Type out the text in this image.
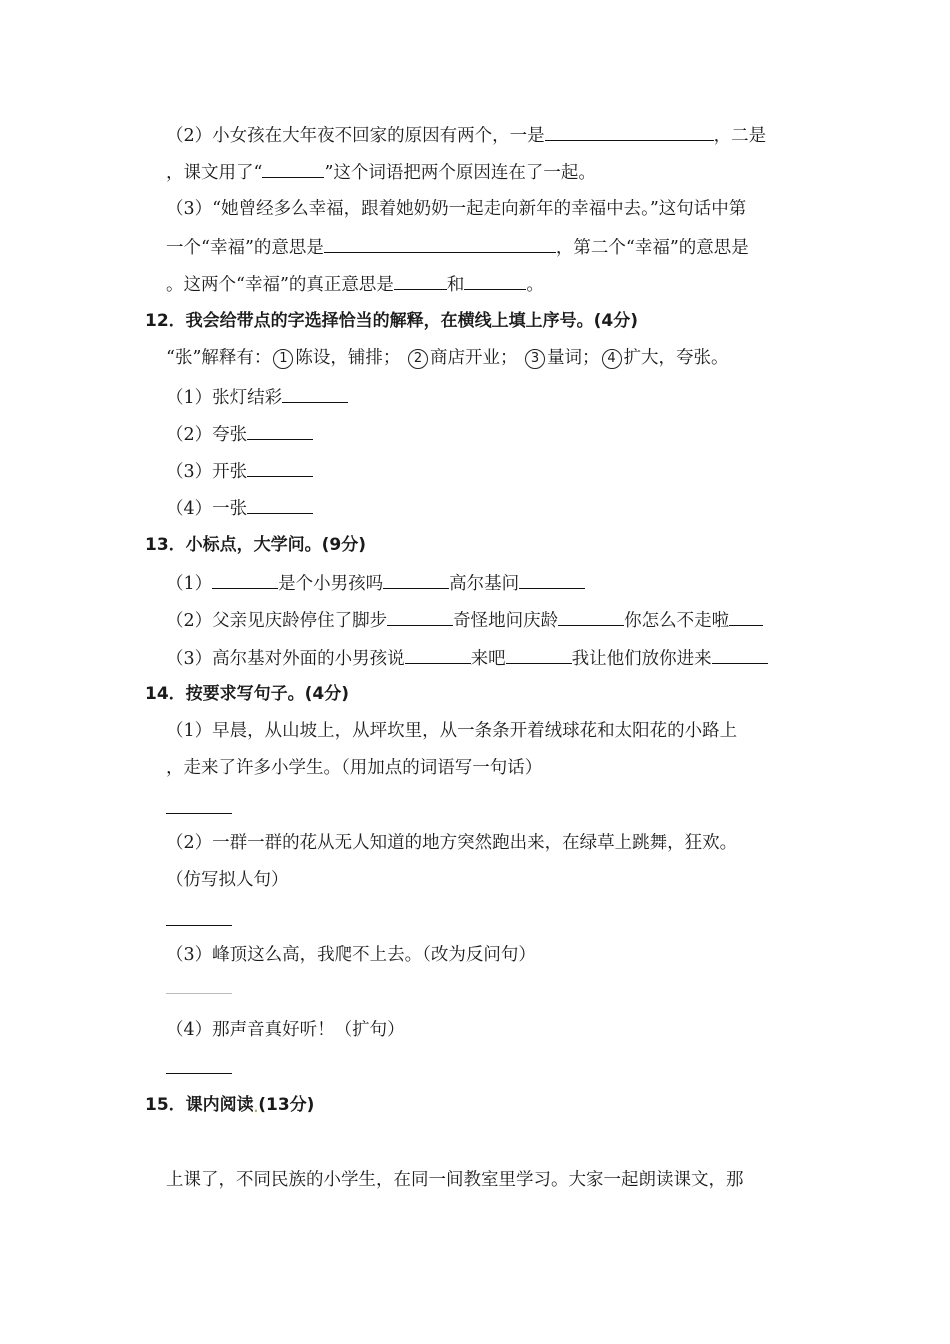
（2）小女孩在大年夜不回家的原因有两个，一是	，二是
，课文用了“	”这个词语把两个原因连在了一起。
（3）“她曾经多么幸福，跟着她奶奶一起走向新年的幸福中去。”这句话中第
一个“幸福”的意思是	，第二个“幸福”的意思是
。这两个“幸福”的真正意思是	和	。
12．我会给带点的字选择恰当的解释，在横线上填上序号。(4分)
“张”解释有： 1 陈设，铺排； 2 商店开业； 3 量词； 4 扩大，夸张。
（1）张灯结彩
（2）夸张
（3）开张
（4）一张
13．小标点，大学问。(9分)
（1）	是个小男孩吗	高尔基问
（2）父亲见庆龄停住了脚步	奇怪地问庆龄	你怎么不走啦
（3）高尔基对外面的小男孩说	来吧	我让他们放你进来
14．按要求写句子。(4分)
（1）早晨，从山坡上，从坪坎里，从一条条开着绒球花和太阳花的小路上
，走来了许多小学生。（用加点的词语写一句话）
（2）一群一群的花从无人知道的地方突然跑出来，在绿草上跳舞，狂欢。
（仿写拟人句）
（3）峰顶这么高，我爬不上去。（改为反问句）
（4）那声音真好听！（扩句）
15．课内阅读.(13分)
上课了，不同民族的小学生，在同一间教室里学习。大家一起朗读课文，那
